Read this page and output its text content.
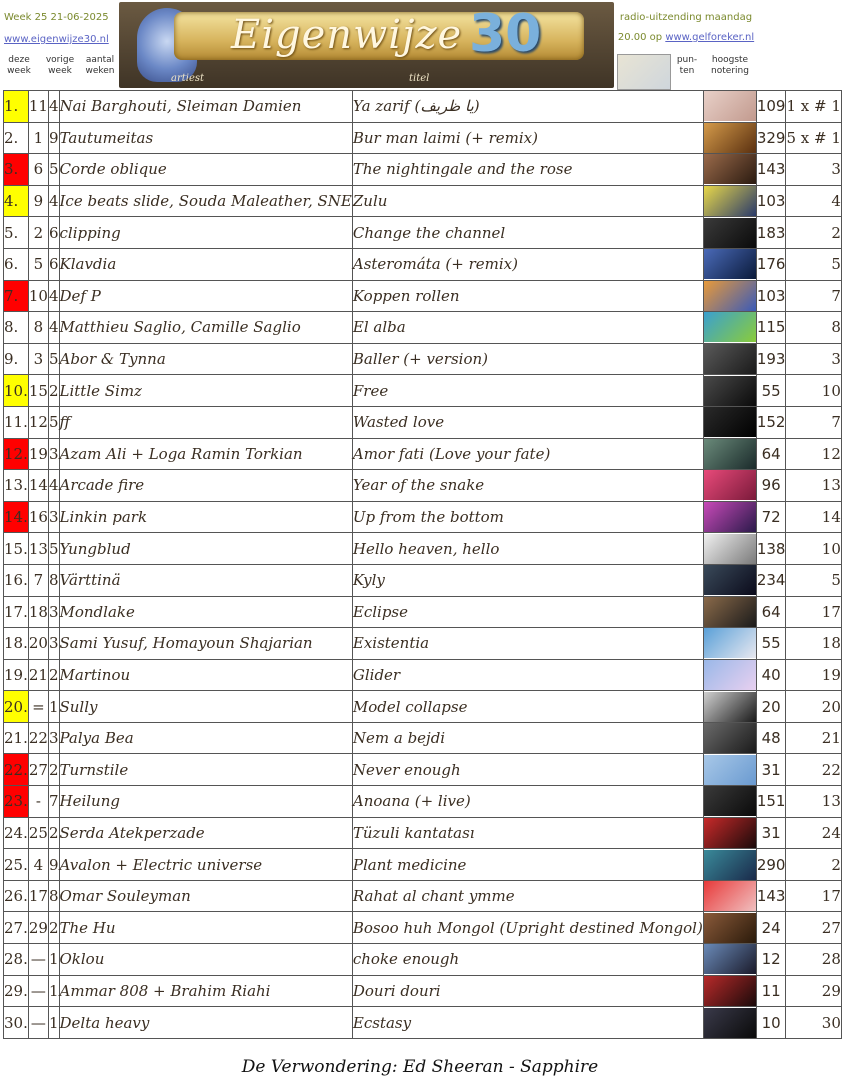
Week 25 21-06-2025
www.eigenwijze30.nl
deze week
vorige week
aantal weken
Eigenwijze 30
artiest	titel
radio-uitzending maandag
20.00 op www.gelforeker.nl
pun- ten
hoogste notering
1.	11	4	Nai Barghouti, Sleiman Damien	Ya zarif (يا ظريف)		109	1 x # 1
2.	1	9	Tautumeitas	Bur man laimi (+ remix)		329	5 x # 1
3.	6	5	Corde oblique	The nightingale and the rose		143	3
4.	9	4	Ice beats slide, Souda Maleather, SNE	Zulu		103	4
5.	2	6	clipping	Change the channel		183	2
6.	5	6	Klavdia	Asteromáta (+ remix)		176	5
7.	10	4	Def P	Koppen rollen		103	7
8.	8	4	Matthieu Saglio, Camille Saglio	El alba		115	8
9.	3	5	Abor & Tynna	Baller (+ version)		193	3
10.	15	2	Little Simz	Free		55	10
11.	12	5	ff	Wasted love		152	7
12.	19	3	Azam Ali + Loga Ramin Torkian	Amor fati (Love your fate)		64	12
13.	14	4	Arcade fire	Year of the snake		96	13
14.	16	3	Linkin park	Up from the bottom		72	14
15.	13	5	Yungblud	Hello heaven, hello		138	10
16.	7	8	Värttinä	Kyly		234	5
17.	18	3	Mondlake	Eclipse		64	17
18.	20	3	Sami Yusuf, Homayoun Shajarian	Existentia		55	18
19.	21	2	Martinou	Glider		40	19
20.	=	1	Sully	Model collapse		20	20
21.	22	3	Palya Bea	Nem a bejdi		48	21
22.	27	2	Turnstile	Never enough		31	22
23.	-	7	Heilung	Anoana (+ live)		151	13
24.	25	2	Serda Atekperzade	Tüzuli kantatası		31	24
25.	4	9	Avalon + Electric universe	Plant medicine		290	2
26.	17	8	Omar Souleyman	Rahat al chant ymme		143	17
27.	29	2	The Hu	Bosoo huh Mongol (Upright destined Mongol)		24	27
28.	—	1	Oklou	choke enough		12	28
29.	—	1	Ammar 808 + Brahim Riahi	Douri douri		11	29
30.	—	1	Delta heavy	Ecstasy		10	30
De Verwondering: Ed Sheeran - Sapphire
